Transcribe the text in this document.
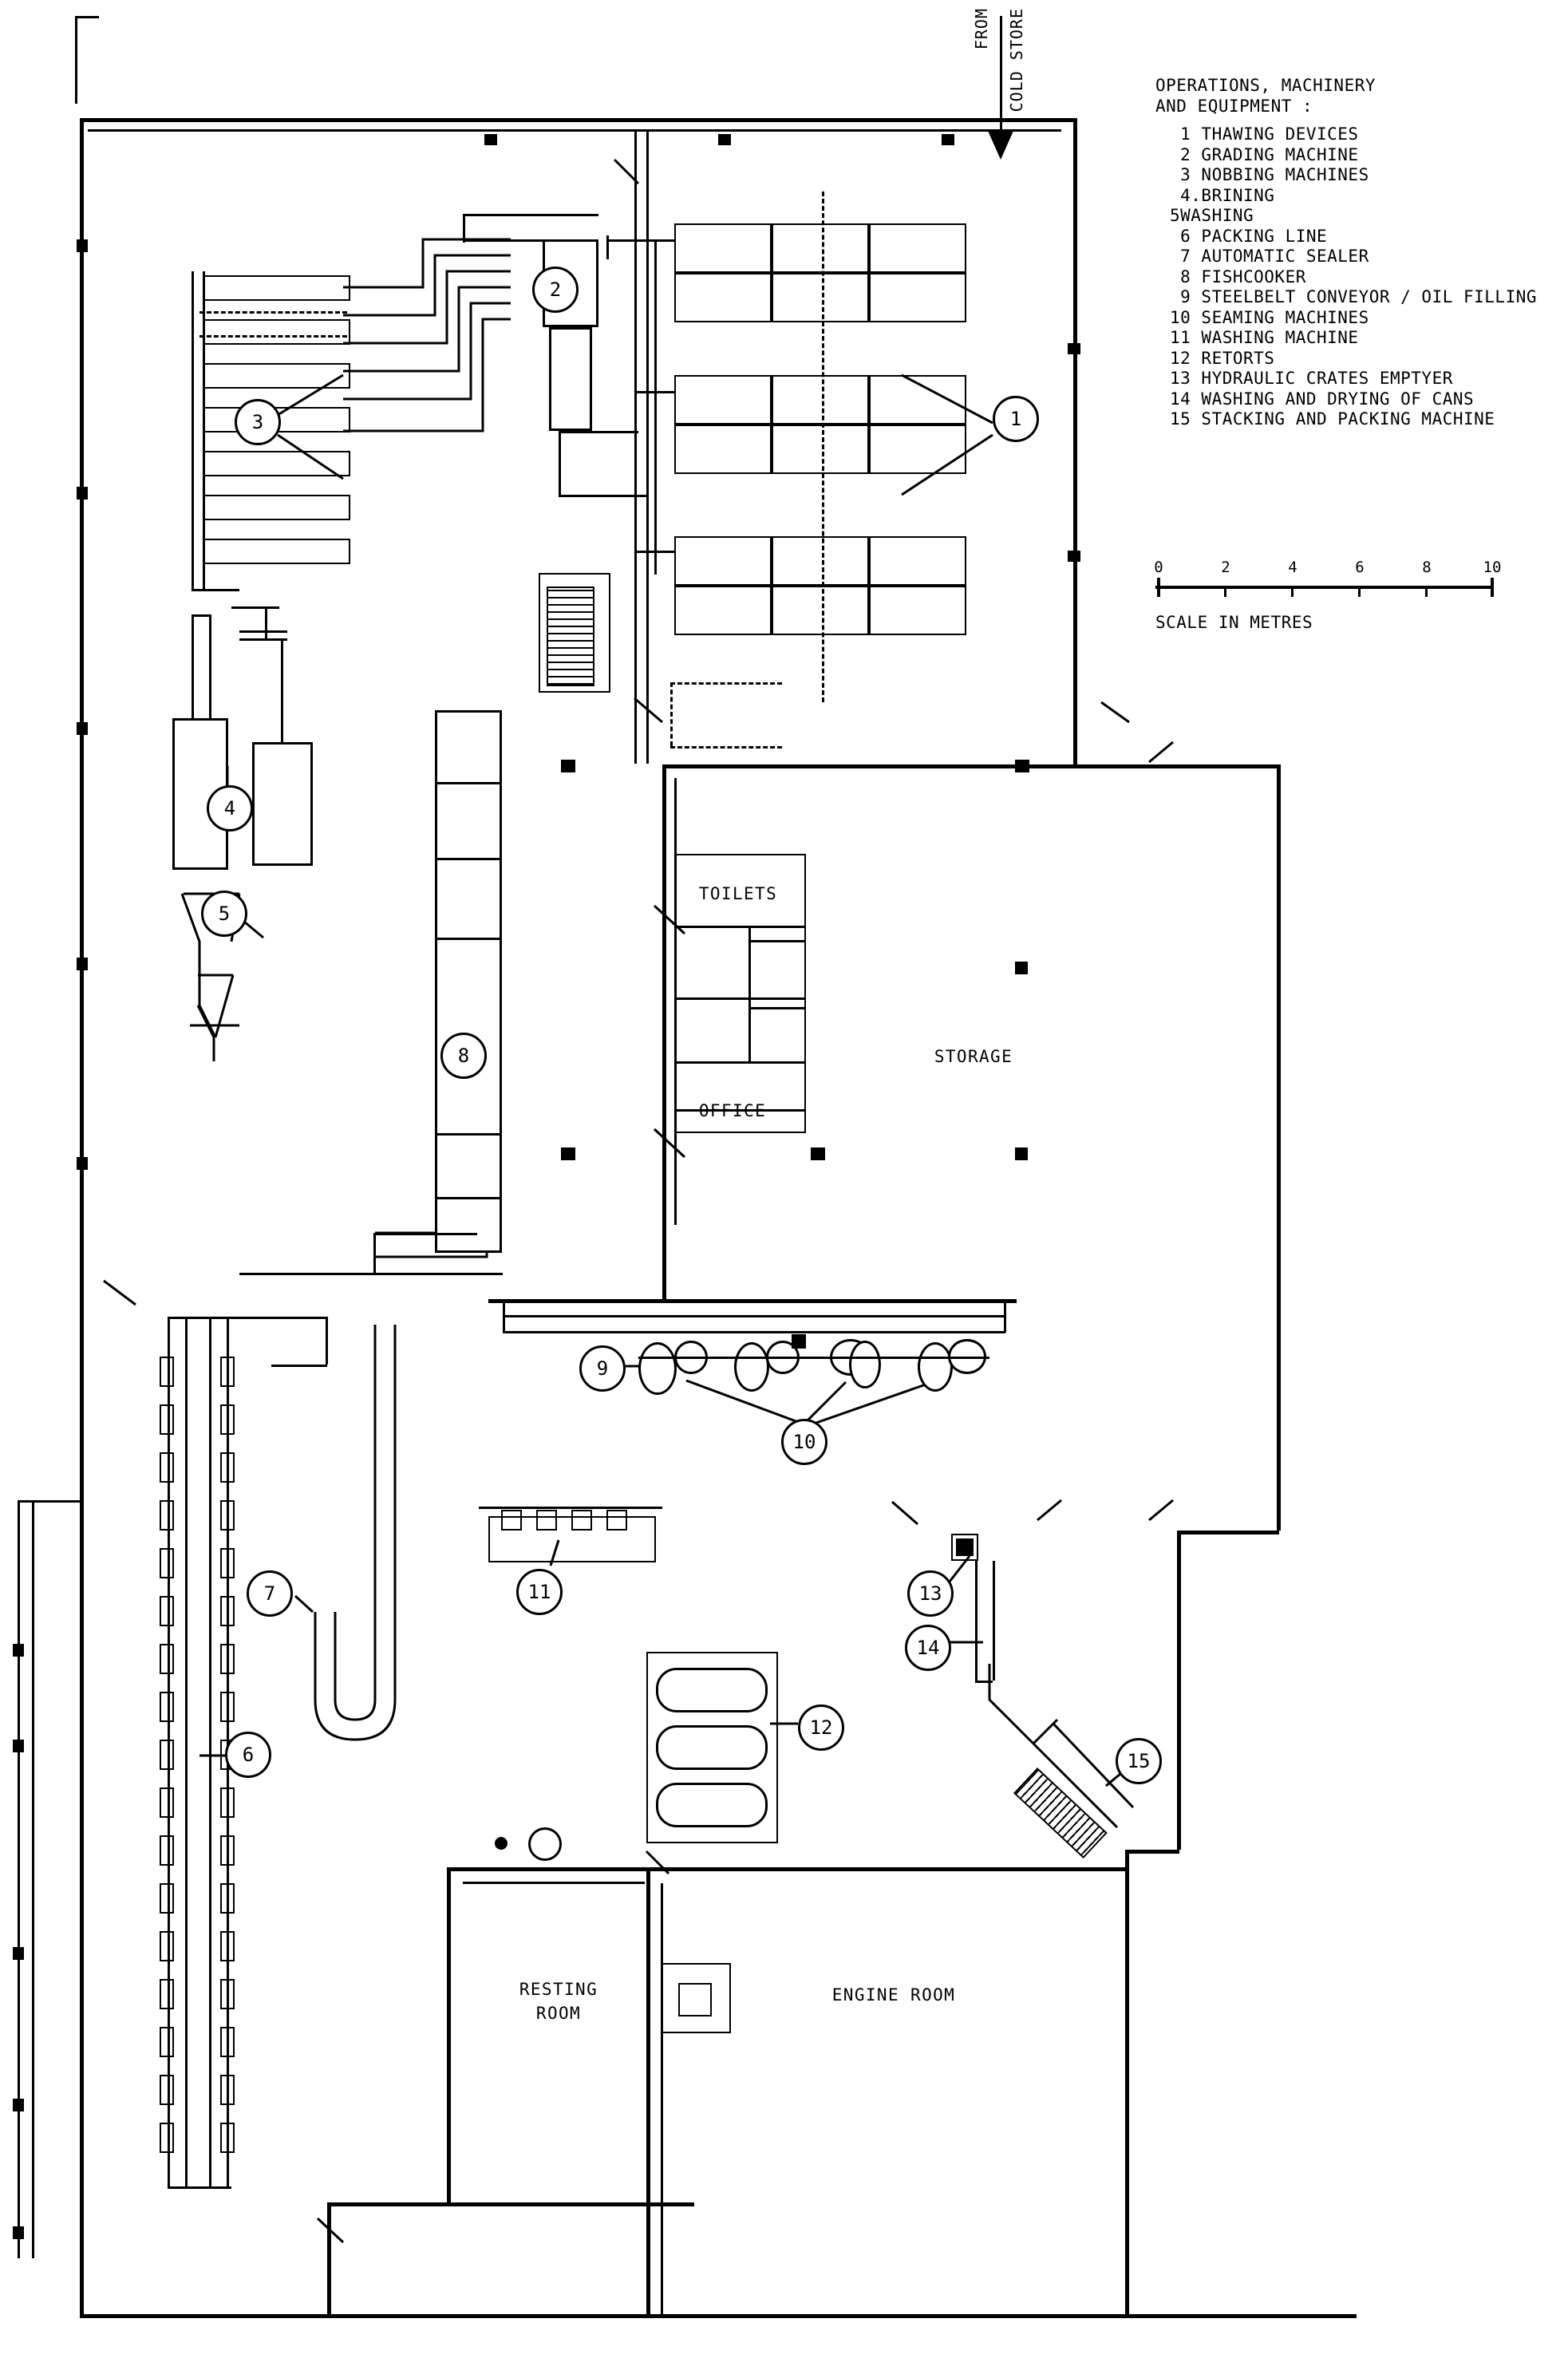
OPERATIONS, MACHINERY
AND EQUIPMENT :
1 THAWING DEVICES
2 GRADING MACHINE
3 NOBBING MACHINES
4.BRINING
5WASHING
6 PACKING LINE
7 AUTOMATIC SEALER
8 FISHCOOKER
9 STEELBELT CONVEYOR / OIL FILLING
10 SEAMING MACHINES
11 WASHING MACHINE
12 RETORTS
13 HYDRAULIC CRATES EMPTYER
14 WASHING AND DRYING OF CANS
15 STACKING AND PACKING MACHINE
0	2	4	6	8	10
SCALE IN METRES
FROM COLD STORE
TOILETS
OFFICE
STORAGE
RESTING
ROOM
ENGINE ROOM
1
2
3
4
5
6
7
8
9
10
11
12
13
14
15
